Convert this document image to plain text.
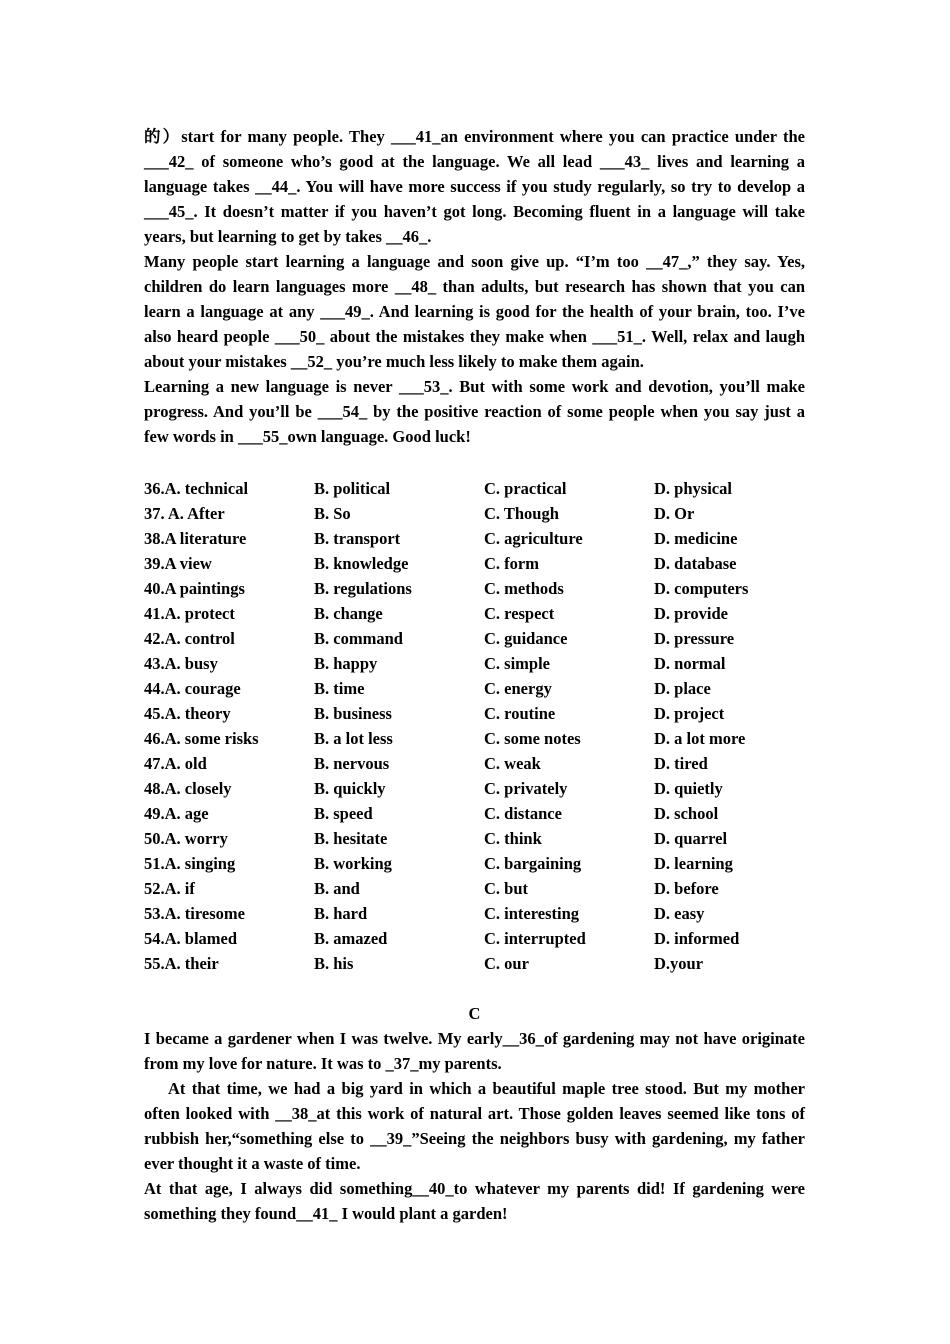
的）start for many people. They ___41_an environment where you can practice under the ___42_ of someone who’s good at the language. We all lead ___43_ lives and learning a language takes __44_. You will have more success if you study regularly, so try to develop a ___45_. It doesn’t matter if you haven’t got long. Becoming fluent in a language will take years, but learning to get by takes __46_.

Many people start learning a language and soon give up. “I’m too __47_,” they say. Yes, children do learn languages more __48_ than adults, but research has shown that you can learn a language at any ___49_. And learning is good for the health of your brain, too. I’ve also heard people ___50_ about the mistakes they make when ___51_. Well, relax and laugh about your mistakes __52_ you’re much less likely to make them again.

Learning a new language is never ___53_. But with some work and devotion, you’ll make progress. And you’ll be ___54_ by the positive reaction of some people when you say just a few words in ___55_own language. Good luck!

36.A. technical	B. political	C. practical	D. physical
37. A. After	B. So	C. Though	D. Or
38.A literature	B. transport	C. agriculture	D. medicine
39.A view	B. knowledge	C. form	D. database
40.A paintings	B. regulations	C. methods	D. computers
41.A. protect	B. change	C. respect	D. provide
42.A. control	B. command	C. guidance	D. pressure
43.A. busy	B. happy	C. simple	D. normal
44.A. courage	B. time	C. energy	D. place
45.A. theory	B. business	C. routine	D. project
46.A. some risks	B. a lot less	C. some notes	D. a lot more
47.A. old	B. nervous	C. weak	D. tired
48.A. closely	B. quickly	C. privately	D. quietly
49.A. age	B. speed	C. distance	D. school
50.A. worry	B. hesitate	C. think	D. quarrel
51.A. singing	B. working	C. bargaining	D. learning
52.A. if	B. and	C. but	D. before
53.A. tiresome	B. hard	C. interesting	D. easy
54.A. blamed	B. amazed	C. interrupted	D. informed
55.A. their	B. his	C. our	D.your

C

I became a gardener when I was twelve. My early__36_of gardening may not have originate from my love for nature. It was to _37_my parents.

At that time, we had a big yard in which a beautiful maple tree stood. But my mother often looked with __38_at this work of natural art. Those golden leaves seemed like tons of rubbish her,“something else to __39_”Seeing the neighbors busy with gardening, my father ever thought it a waste of time.

At that age, I always did something__40_to whatever my parents did! If gardening were something they found__41_ I would plant a garden!
